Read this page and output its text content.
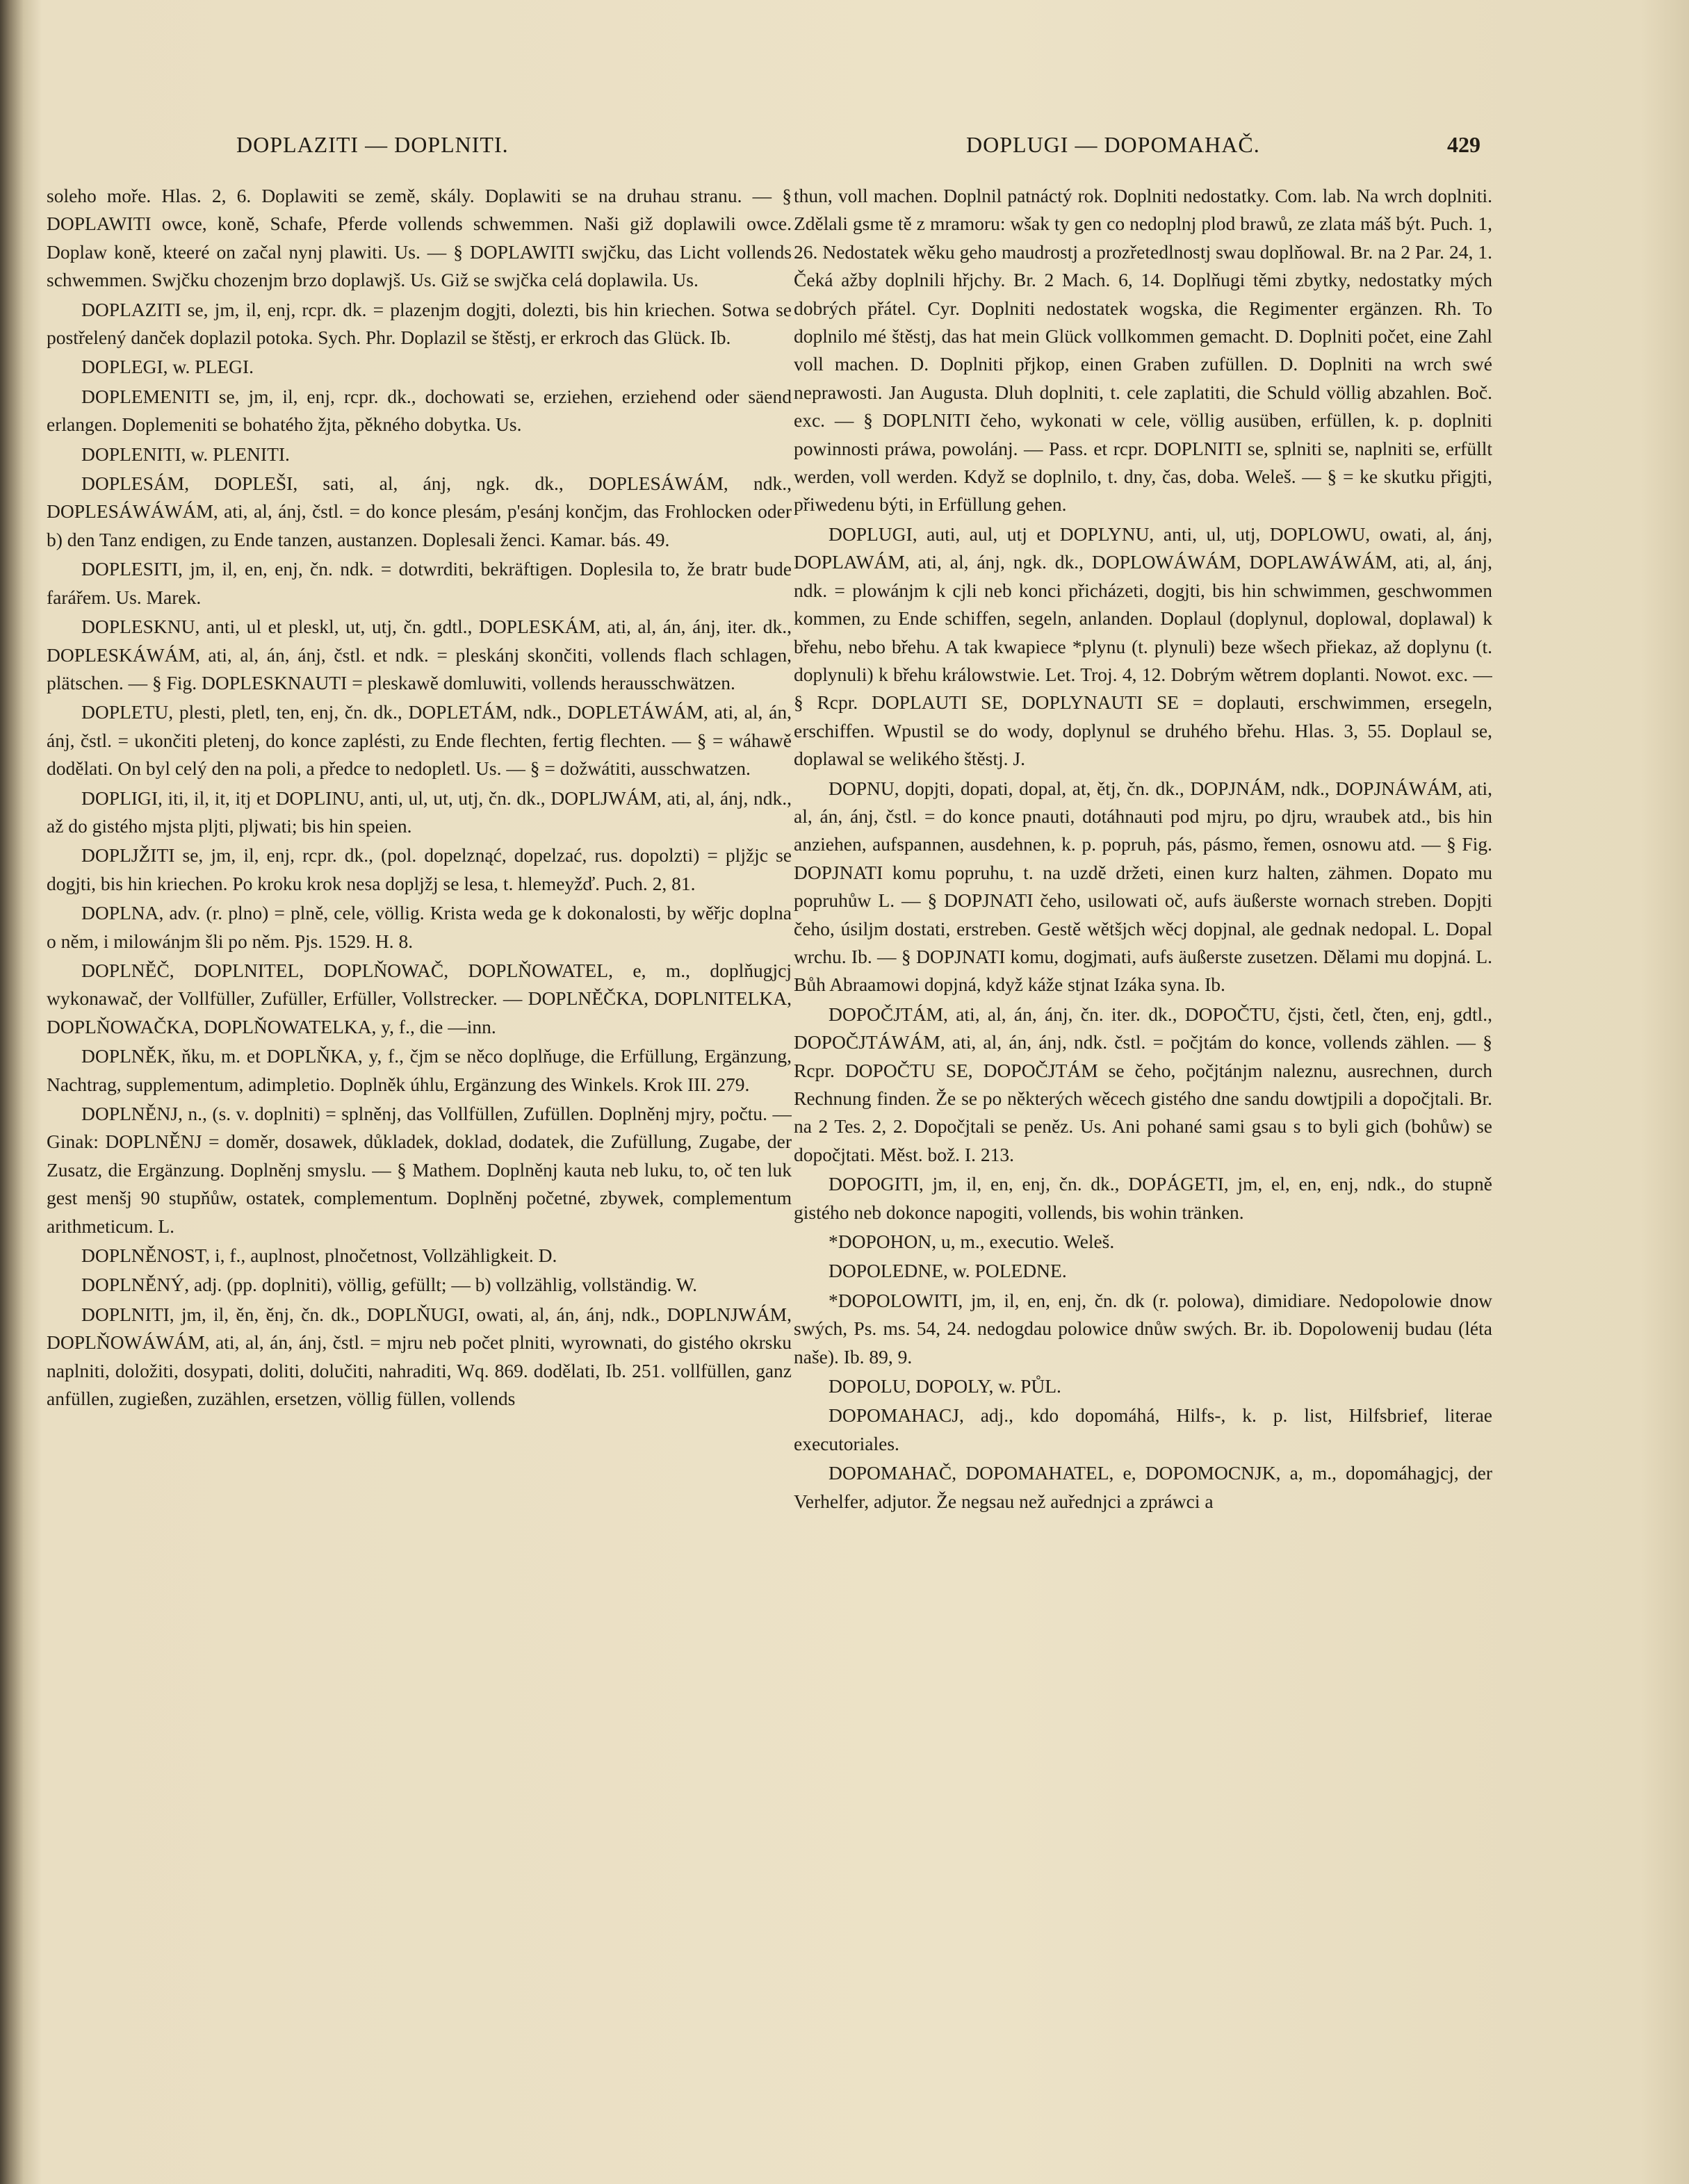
DOPLAZITI — DOPLNITI.	DOPLUGI — DOPOMAHAČ.	429

soleho moře. Hlas. 2, 6. Doplawiti se země, skály. Doplawiti se na druhau stranu. — § DOPLAWITI owce, koně, Schafe, Pferde vollends schwemmen. Naši giž doplawili owce. Doplaw koně, kteeré on začal nynj plawiti. Us. — § DOPLAWITI swjčku, das Licht vollends schwemmen. Swjčku chozenjm brzo doplawjš. Us. Giž se swjčka celá doplawila. Us.

DOPLAZITI se, jm, il, enj, rcpr. dk. = plazenjm dogjti, dolezti, bis hin kriechen. Sotwa se postřelený danček doplazil potoka. Sych. Phr. Doplazil se štěstj, er erkroch das Glück. Ib.

DOPLEGI, w. PLEGI.

DOPLEMENITI se, jm, il, enj, rcpr. dk., dochowati se, erziehen, erziehend oder säend erlangen. Doplemeniti se bohatého žjta, pěkného dobytka. Us.

DOPLENITI, w. PLENITI.

DOPLESÁM, DOPLEŠI, sati, al, ánj, ngk. dk., DOPLESÁWÁM, ndk., DOPLESÁWÁWÁM, ati, al, ánj, čstl. = do konce plesám, p'esánj končjm, das Frohlocken oder b) den Tanz endigen, zu Ende tanzen, austanzen. Doplesali ženci. Kamar. bás. 49.

DOPLESITI, jm, il, en, enj, čn. ndk. = dotwrditi, bekräftigen. Doplesila to, že bratr bude farářem. Us. Marek.

DOPLESKNU, anti, ul et pleskl, ut, utj, čn. gdtl., DOPLESKÁM, ati, al, án, ánj, iter. dk., DOPLESKÁWÁM, ati, al, án, ánj, čstl. et ndk. = pleskánj skončiti, vollends flach schlagen, plätschen. — § Fig. DOPLESKNAUTI = pleskawě domluwiti, vollends herausschwätzen.

DOPLETU, plesti, pletl, ten, enj, čn. dk., DOPLETÁM, ndk., DOPLETÁWÁM, ati, al, án, ánj, čstl. = ukončiti pletenj, do konce zaplésti, zu Ende flechten, fertig flechten. — § = wáhawě dodělati. On byl celý den na poli, a předce to nedopletl. Us. — § = dožwátiti, ausschwatzen.

DOPLIGI, iti, il, it, itj et DOPLINU, anti, ul, ut, utj, čn. dk., DOPLJWÁM, ati, al, ánj, ndk., až do gistého mjsta pljti, pljwati; bis hin speien.

DOPLJŽITI se, jm, il, enj, rcpr. dk., (pol. dopelznąć, dopelzać, rus. dopolzti) = pljžjc se dogjti, bis hin kriechen. Po kroku krok nesa dopljžj se lesa, t. hlemeyžď. Puch. 2, 81.

DOPLNA, adv. (r. plno) = plně, cele, völlig. Krista weda ge k dokonalosti, by wěřjc doplna o něm, i milowánjm šli po něm. Pjs. 1529. H. 8.

DOPLNĚČ, DOPLNITEL, DOPLŇOWAČ, DOPLŇOWATEL, e, m., doplňugjcj wykonawač, der Vollfüller, Zufüller, Erfüller, Vollstrecker. — DOPLNĚČKA, DOPLNITELKA, DOPLŇOWAČKA, DOPLŇOWATELKA, y, f., die —inn.

DOPLNĚK, ňku, m. et DOPLŇKA, y, f., čjm se něco doplňuge, die Erfüllung, Ergänzung, Nachtrag, supplementum, adimpletio. Doplněk úhlu, Ergänzung des Winkels. Krok III. 279.

DOPLNĚNJ, n., (s. v. doplniti) = splněnj, das Vollfüllen, Zufüllen. Doplněnj mjry, počtu. — Ginak: DOPLNĚNJ = doměr, dosawek, důkladek, doklad, dodatek, die Zufüllung, Zugabe, der Zusatz, die Ergänzung. Doplněnj smyslu. — § Mathem. Doplněnj kauta neb luku, to, oč ten luk gest menšj 90 stupňůw, ostatek, complementum. Doplněnj početné, zbywek, complementum arithmeticum. L.

DOPLNĚNOST, i, f., auplnost, plnočetnost, Vollzähligkeit. D.

DOPLNĚNÝ, adj. (pp. doplniti), völlig, gefüllt; — b) vollzählig, vollständig. W.

DOPLNITI, jm, il, ěn, ěnj, čn. dk., DOPLŇUGI, owati, al, án, ánj, ndk., DOPLNJWÁM, DOPLŇOWÁWÁM, ati, al, án, ánj, čstl. = mjru neb počet plniti, wyrownati, do gistého okrsku naplniti, doložiti, dosypati, doliti, dolučiti, nahraditi, Wq. 869. dodělati, Ib. 251. vollfüllen, ganz anfüllen, zugießen, zuzählen, ersetzen, völlig füllen, vollends

thun, voll machen. Doplnil patnáctý rok. Doplniti nedostatky. Com. lab. Na wrch doplniti. Zdělali gsme tě z mramoru: wšak ty gen co nedoplnj plod brawů, ze zlata máš být. Puch. 1, 26. Nedostatek wěku geho maudrostj a prozřetedlnostj swau doplňowal. Br. na 2 Par. 24, 1. Čeká ažby doplnili hřjchy. Br. 2 Mach. 6, 14. Doplňugi těmi zbytky, nedostatky mých dobrých přátel. Cyr. Doplniti nedostatek wogska, die Regimenter ergänzen. Rh. To doplnilo mé štěstj, das hat mein Glück vollkommen gemacht. D. Doplniti počet, eine Zahl voll machen. D. Doplniti přjkop, einen Graben zufüllen. D. Doplniti na wrch swé neprawosti. Jan Augusta. Dluh doplniti, t. cele zaplatiti, die Schuld völlig abzahlen. Boč. exc. — § DOPLNITI čeho, wykonati w cele, völlig ausüben, erfüllen, k. p. doplniti powinnosti práwa, powolánj. — Pass. et rcpr. DOPLNITI se, splniti se, naplniti se, erfüllt werden, voll werden. Když se doplnilo, t. dny, čas, doba. Weleš. — § = ke skutku přigjti, přiwedenu býti, in Erfüllung gehen.

DOPLUGI, auti, aul, utj et DOPLYNU, anti, ul, utj, DOPLOWU, owati, al, ánj, DOPLAWÁM, ati, al, ánj, ngk. dk., DOPLOWÁWÁM, DOPLAWÁWÁM, ati, al, ánj, ndk. = plowánjm k cjli neb konci přicházeti, dogjti, bis hin schwimmen, geschwommen kommen, zu Ende schiffen, segeln, anlanden. Doplaul (doplynul, doplowal, doplawal) k břehu, nebo břehu. A tak kwapiece *plynu (t. plynuli) beze wšech přiekaz, až doplynu (t. doplynuli) k břehu králowstwie. Let. Troj. 4, 12. Dobrým wětrem doplanti. Nowot. exc. — § Rcpr. DOPLAUTI SE, DOPLYNAUTI SE = doplauti, erschwimmen, ersegeln, erschiffen. Wpustil se do wody, doplynul se druhého břehu. Hlas. 3, 55. Doplaul se, doplawal se welikého štěstj. J.

DOPNU, dopjti, dopati, dopal, at, ětj, čn. dk., DOPJNÁM, ndk., DOPJNÁWÁM, ati, al, án, ánj, čstl. = do konce pnauti, dotáhnauti pod mjru, po djru, wraubek atd., bis hin anziehen, aufspannen, ausdehnen, k. p. popruh, pás, pásmo, řemen, osnowu atd. — § Fig. DOPJNATI komu popruhu, t. na uzdě držeti, einen kurz halten, zähmen. Dopato mu popruhůw L. — § DOPJNATI čeho, usilowati oč, aufs äußerste wornach streben. Dopjti čeho, úsiljm dostati, erstreben. Gestě wětšjch wěcj dopjnal, ale gednak nedopal. L. Dopal wrchu. Ib. — § DOPJNATI komu, dogjmati, aufs äußerste zusetzen. Dělami mu dopjná. L. Bůh Abraamowi dopjná, když káže stjnat Izáka syna. Ib.

DOPOČJTÁM, ati, al, án, ánj, čn. iter. dk., DOPOČTU, čjsti, četl, čten, enj, gdtl., DOPOČJTÁWÁM, ati, al, án, ánj, ndk. čstl. = počjtám do konce, vollends zählen. — § Rcpr. DOPOČTU SE, DOPOČJTÁM se čeho, počjtánjm naleznu, ausrechnen, durch Rechnung finden. Že se po některých wěcech gistého dne sandu dowtjpili a dopočjtali. Br. na 2 Tes. 2, 2. Dopočjtali se peněz. Us. Ani pohané sami gsau s to byli gich (bohůw) se dopočjtati. Měst. bož. I. 213.

DOPOGITI, jm, il, en, enj, čn. dk., DOPÁGETI, jm, el, en, enj, ndk., do stupně gistého neb dokonce napogiti, vollends, bis wohin tränken.

*DOPOHON, u, m., executio. Weleš.

DOPOLEDNE, w. POLEDNE.

*DOPOLOWITI, jm, il, en, enj, čn. dk (r. polowa), dimidiare. Nedopolowie dnow swých, Ps. ms. 54, 24. nedogdau polowice dnůw swých. Br. ib. Dopolowenij budau (léta naše). Ib. 89, 9.

DOPOLU, DOPOLY, w. PŮL.

DOPOMAHACJ, adj., kdo dopomáhá, Hilfs-, k. p. list, Hilfsbrief, literae executoriales.

DOPOMAHAČ, DOPOMAHATEL, e, DOPOMOCNJK, a, m., dopomáhagjcj, der Verhelfer, adjutor. Že negsau než auřednjci a zpráwci a
